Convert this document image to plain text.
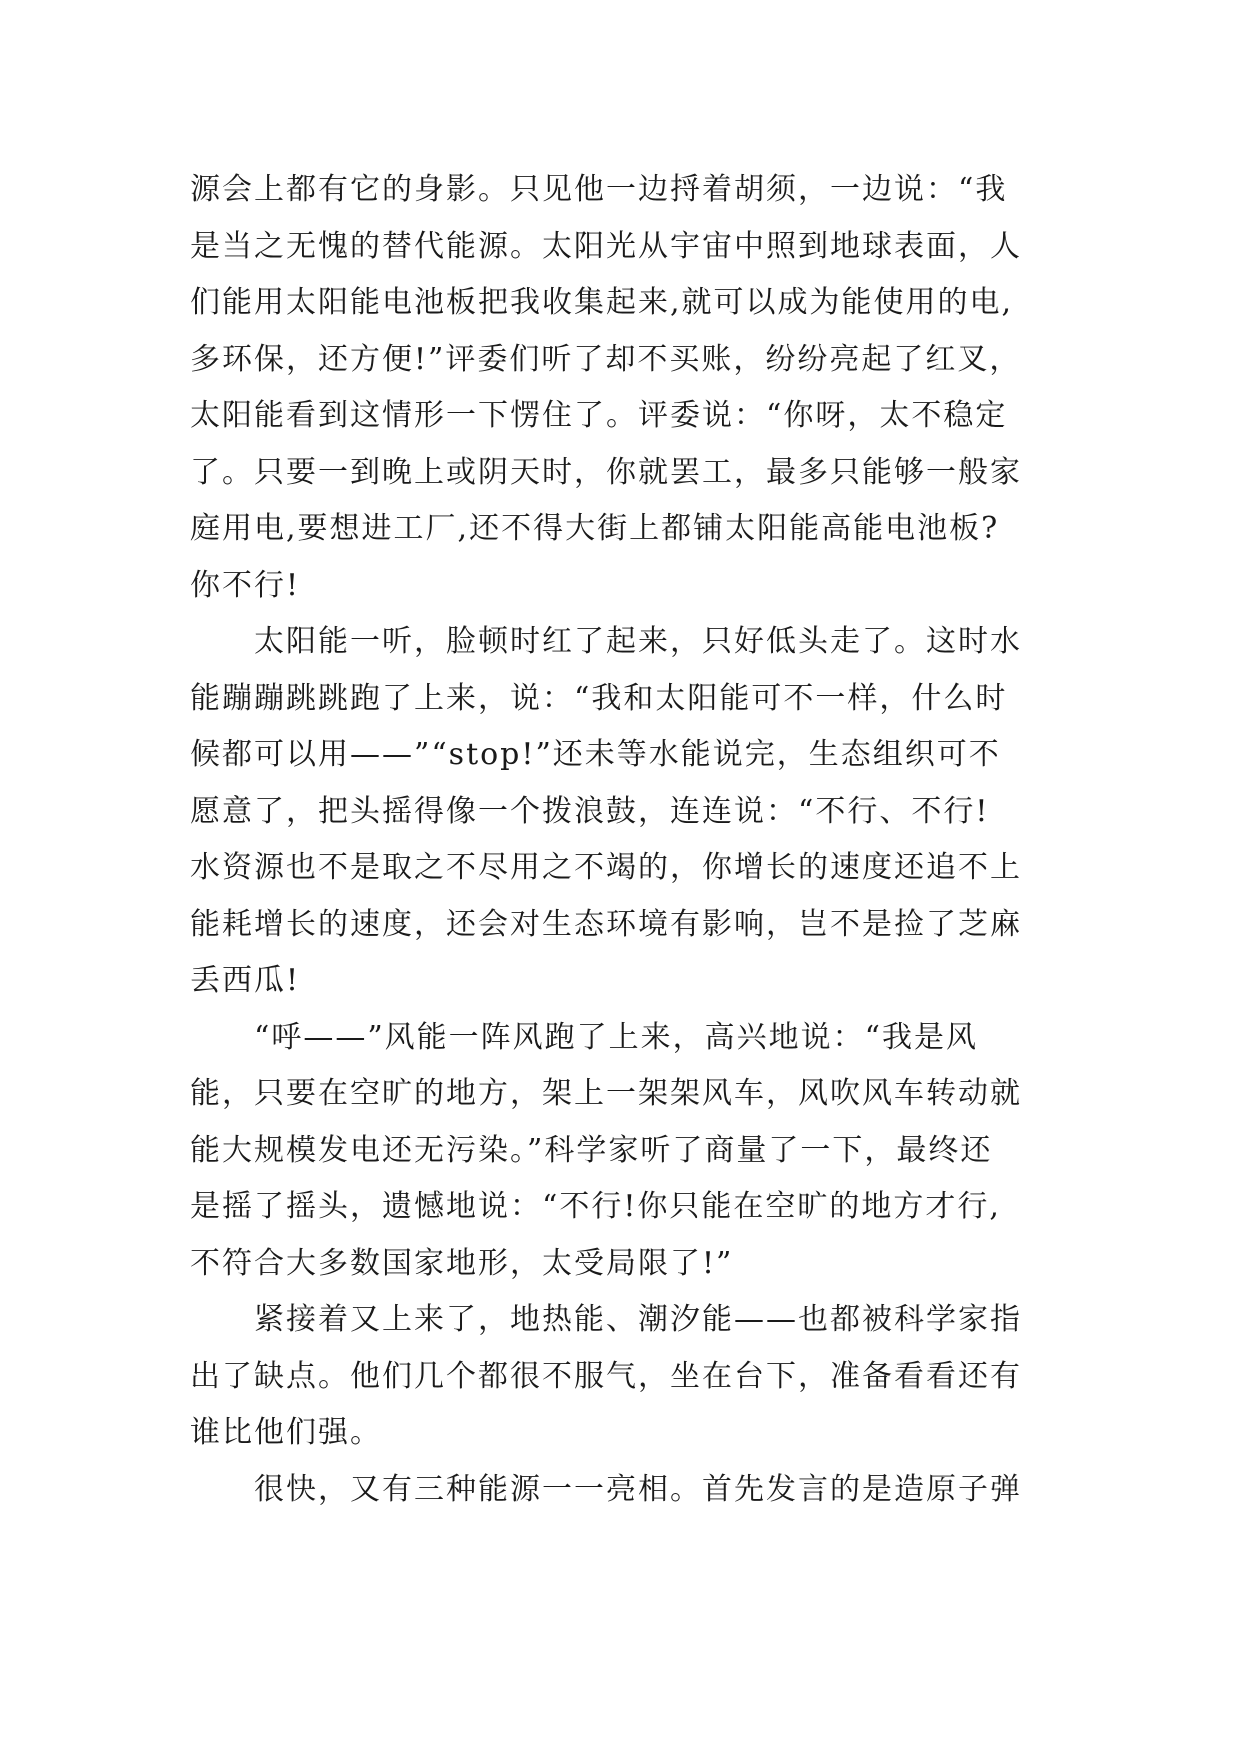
源会上都有它的身影。只见他一边捋着胡须，一边说：“我
是当之无愧的替代能源。太阳光从宇宙中照到地球表面，人
们能用太阳能电池板把我收集起来,就可以成为能使用的电,
多环保，还方便!”评委们听了却不买账，纷纷亮起了红叉，
太阳能看到这情形一下愣住了。评委说：“你呀，太不稳定
了。只要一到晚上或阴天时，你就罢工，最多只能够一般家
庭用电,要想进工厂,还不得大街上都铺太阳能高能电池板?
你不行!
太阳能一听，脸顿时红了起来，只好低头走了。这时水
能蹦蹦跳跳跑了上来，说：“我和太阳能可不一样，什么时
候都可以用——”“stop!”还未等水能说完，生态组织可不
愿意了，把头摇得像一个拨浪鼓，连连说：“不行、不行!
水资源也不是取之不尽用之不竭的，你增长的速度还追不上
能耗增长的速度，还会对生态环境有影响，岂不是捡了芝麻
丢西瓜!
“呼——”风能一阵风跑了上来，高兴地说：“我是风
能，只要在空旷的地方，架上一架架风车，风吹风车转动就
能大规模发电还无污染。”科学家听了商量了一下，最终还
是摇了摇头，遗憾地说：“不行!你只能在空旷的地方才行,
不符合大多数国家地形，太受局限了!”
紧接着又上来了，地热能、潮汐能——也都被科学家指
出了缺点。他们几个都很不服气，坐在台下，准备看看还有
谁比他们强。
很快，又有三种能源一一亮相。首先发言的是造原子弹
